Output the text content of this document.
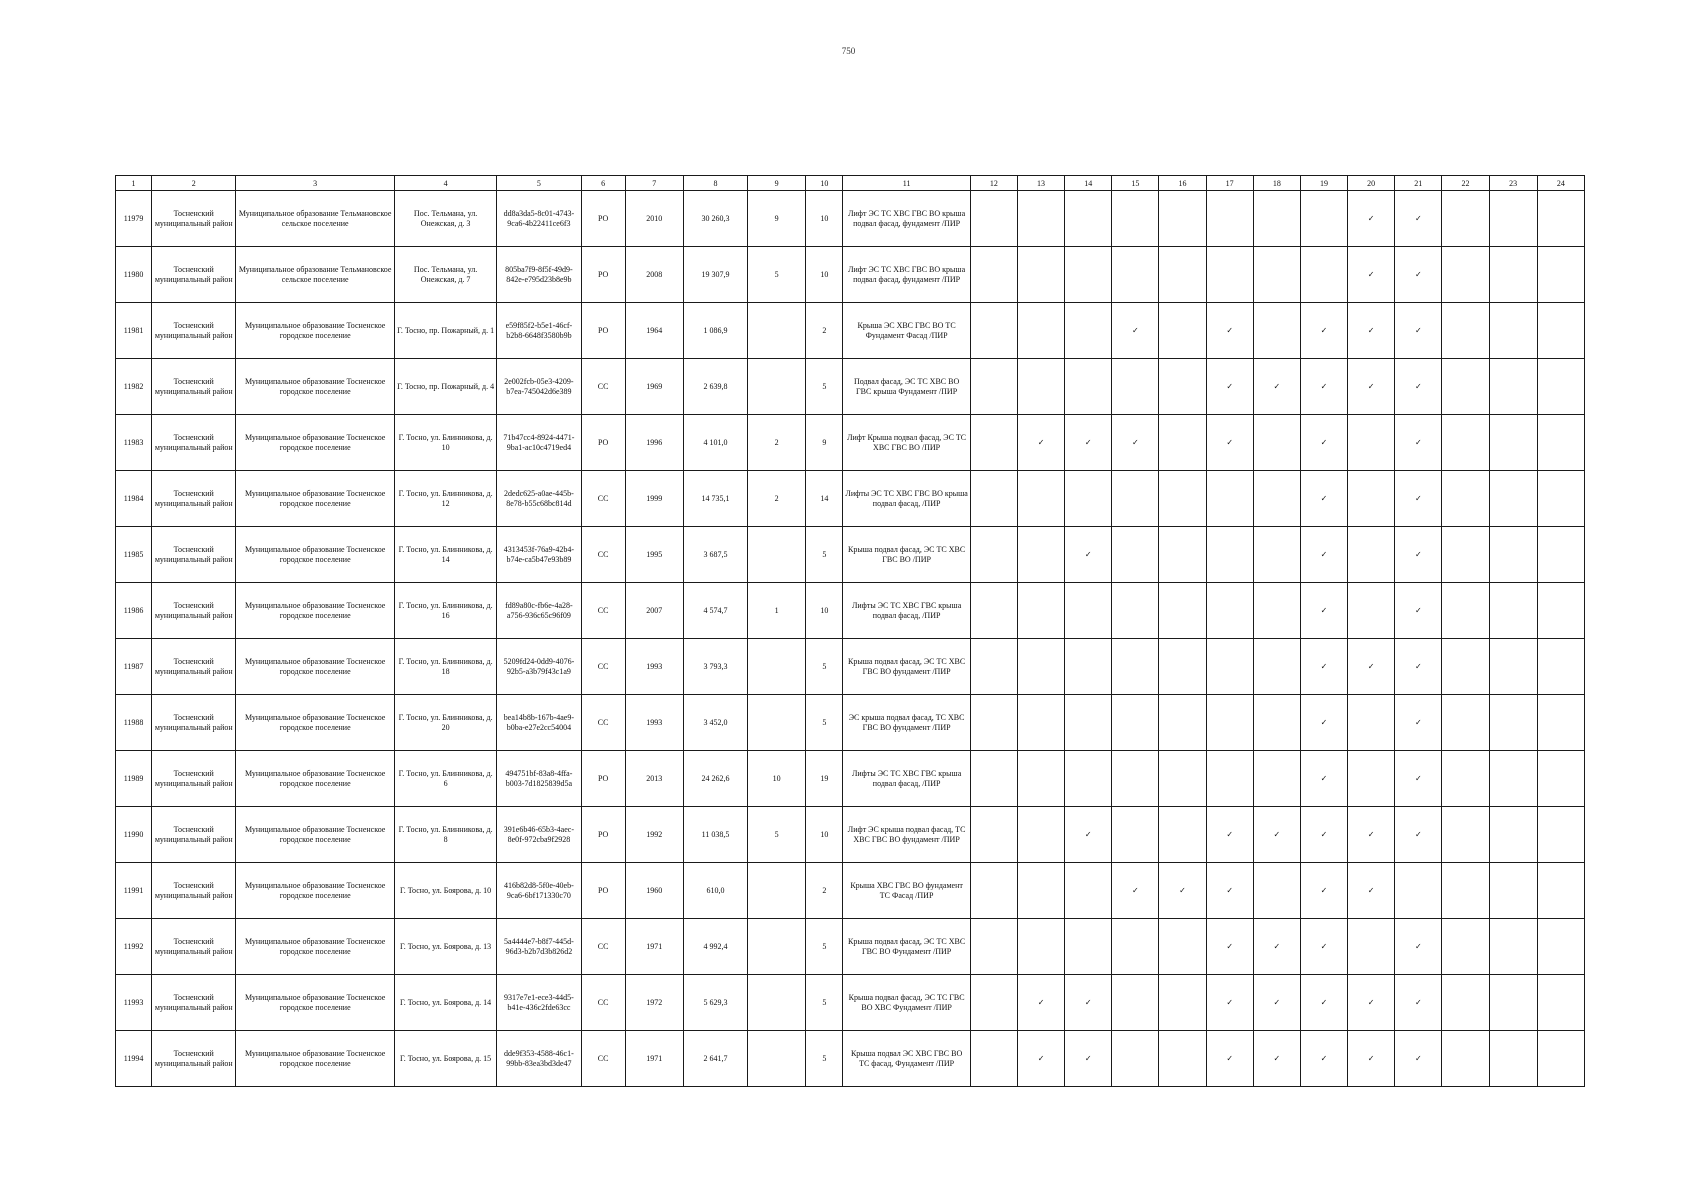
750
1	2	3	4	5	6	7	8	9	10	11	12	13	14	15	16	17	18	19	20	21	22	23	24
11979	Тосненский муниципальный район	Муниципальное образование Тельмановское сельское поселение	Пос. Тельмана, ул. Онежская, д. 3	dd8a3da5-8c01-4743-9ca6-4b22411ce6f3	РО	2010	30 260,3	9	10	Лифт ЭС ТС ХВС ГВС ВО крыша подвал фасад, фундамент /ПИР									✓	✓			
11980	Тосненский муниципальный район	Муниципальное образование Тельмановское сельское поселение	Пос. Тельмана, ул. Онежская, д. 7	805ba7f9-8f5f-49d9-842e-e795d23b8e9b	РО	2008	19 307,9	5	10	Лифт ЭС ТС ХВС ГВС ВО крыша подвал фасад, фундамент /ПИР									✓	✓			
11981	Тосненский муниципальный район	Муниципальное образование Тосненское городское поселение	Г. Тосно, пр. Пожарный, д. 1	e59f85f2-b5e1-46cf-b2b8-6648f3580b9b	РО	1964	1 086,9		2	Крыша ЭС ХВС ГВС ВО ТС Фундамент Фасад /ПИР				✓		✓		✓	✓	✓			
11982	Тосненский муниципальный район	Муниципальное образование Тосненское городское поселение	Г. Тосно, пр. Пожарный, д. 4	2e002fcb-05e3-4209-b7ea-745042d6e389	СС	1969	2 639,8		5	Подвал фасад, ЭС ТС ХВС ВО ГВС крыша Фундамент /ПИР						✓	✓	✓	✓	✓			
11983	Тосненский муниципальный район	Муниципальное образование Тосненское городское поселение	Г. Тосно, ул. Блинникова, д. 10	71b47cc4-8924-4471-9ba1-ac10c4719ed4	РО	1996	4 101,0	2	9	Лифт Крыша подвал фасад, ЭС ТС ХВС ГВС ВО /ПИР		✓	✓	✓		✓		✓		✓			
11984	Тосненский муниципальный район	Муниципальное образование Тосненское городское поселение	Г. Тосно, ул. Блинникова, д. 12	2dedc625-a0ae-445b-8e78-b55c68bc814d	СС	1999	14 735,1	2	14	Лифты ЭС ТС ХВС ГВС ВО крыша подвал фасад, /ПИР								✓		✓			
11985	Тосненский муниципальный район	Муниципальное образование Тосненское городское поселение	Г. Тосно, ул. Блинникова, д. 14	4313453f-76a9-42b4-b74e-ca5b47e93b89	СС	1995	3 687,5		5	Крыша подвал фасад, ЭС ТС ХВС ГВС ВО /ПИР			✓					✓		✓			
11986	Тосненский муниципальный район	Муниципальное образование Тосненское городское поселение	Г. Тосно, ул. Блинникова, д. 16	fd89a80c-fb6e-4a28-a756-936c65c96f09	СС	2007	4 574,7	1	10	Лифты ЭС ТС ХВС ГВС крыша подвал фасад, /ПИР								✓		✓			
11987	Тосненский муниципальный район	Муниципальное образование Тосненское городское поселение	Г. Тосно, ул. Блинникова, д. 18	5209fd24-0dd9-4076-92b5-a3b79f43c1a9	СС	1993	3 793,3		5	Крыша подвал фасад, ЭС ТС ХВС ГВС ВО фундамент /ПИР								✓	✓	✓			
11988	Тосненский муниципальный район	Муниципальное образование Тосненское городское поселение	Г. Тосно, ул. Блинникова, д. 20	bea14b8b-167b-4ae9-b0ba-e27e2cc54004	СС	1993	3 452,0		5	ЭС крыша подвал фасад, ТС ХВС ГВС ВО фундамент /ПИР								✓		✓			
11989	Тосненский муниципальный район	Муниципальное образование Тосненское городское поселение	Г. Тосно, ул. Блинникова, д. 6	494751bf-83a8-4ffa-b003-7d1825839d5a	РО	2013	24 262,6	10	19	Лифты ЭС ТС ХВС ГВС крыша подвал фасад, /ПИР								✓		✓			
11990	Тосненский муниципальный район	Муниципальное образование Тосненское городское поселение	Г. Тосно, ул. Блинникова, д. 8	391e6b46-65b3-4aec-8e0f-972cba9f2928	РО	1992	11 038,5	5	10	Лифт ЭС крыша подвал фасад, ТС ХВС ГВС ВО фундамент /ПИР			✓			✓	✓	✓	✓	✓			
11991	Тосненский муниципальный район	Муниципальное образование Тосненское городское поселение	Г. Тосно, ул. Боярова, д. 10	416b82d8-5f0e-40eb-9ca6-6bf171330c70	РО	1960	610,0		2	Крыша ХВС ГВС ВО фундамент ТС Фасад /ПИР				✓	✓	✓		✓	✓				
11992	Тосненский муниципальный район	Муниципальное образование Тосненское городское поселение	Г. Тосно, ул. Боярова, д. 13	5a4444e7-b8f7-445d-96d3-b2b7d3b826d2	СС	1971	4 992,4		5	Крыша подвал фасад, ЭС ТС ХВС ГВС ВО Фундамент /ПИР						✓	✓	✓		✓			
11993	Тосненский муниципальный район	Муниципальное образование Тосненское городское поселение	Г. Тосно, ул. Боярова, д. 14	9317e7e1-ece3-44d5-b41e-436c2fde63cc	СС	1972	5 629,3		5	Крыша подвал фасад, ЭС ТС ГВС ВО ХВС Фундамент /ПИР		✓	✓			✓	✓	✓	✓	✓			
11994	Тосненский муниципальный район	Муниципальное образование Тосненское городское поселение	Г. Тосно, ул. Боярова, д. 15	dde9f353-4588-46c1-99bb-83ea3bd3de47	СС	1971	2 641,7		5	Крыша подвал ЭС ХВС ГВС ВО ТС фасад, Фундамент /ПИР		✓	✓			✓	✓	✓	✓	✓			
